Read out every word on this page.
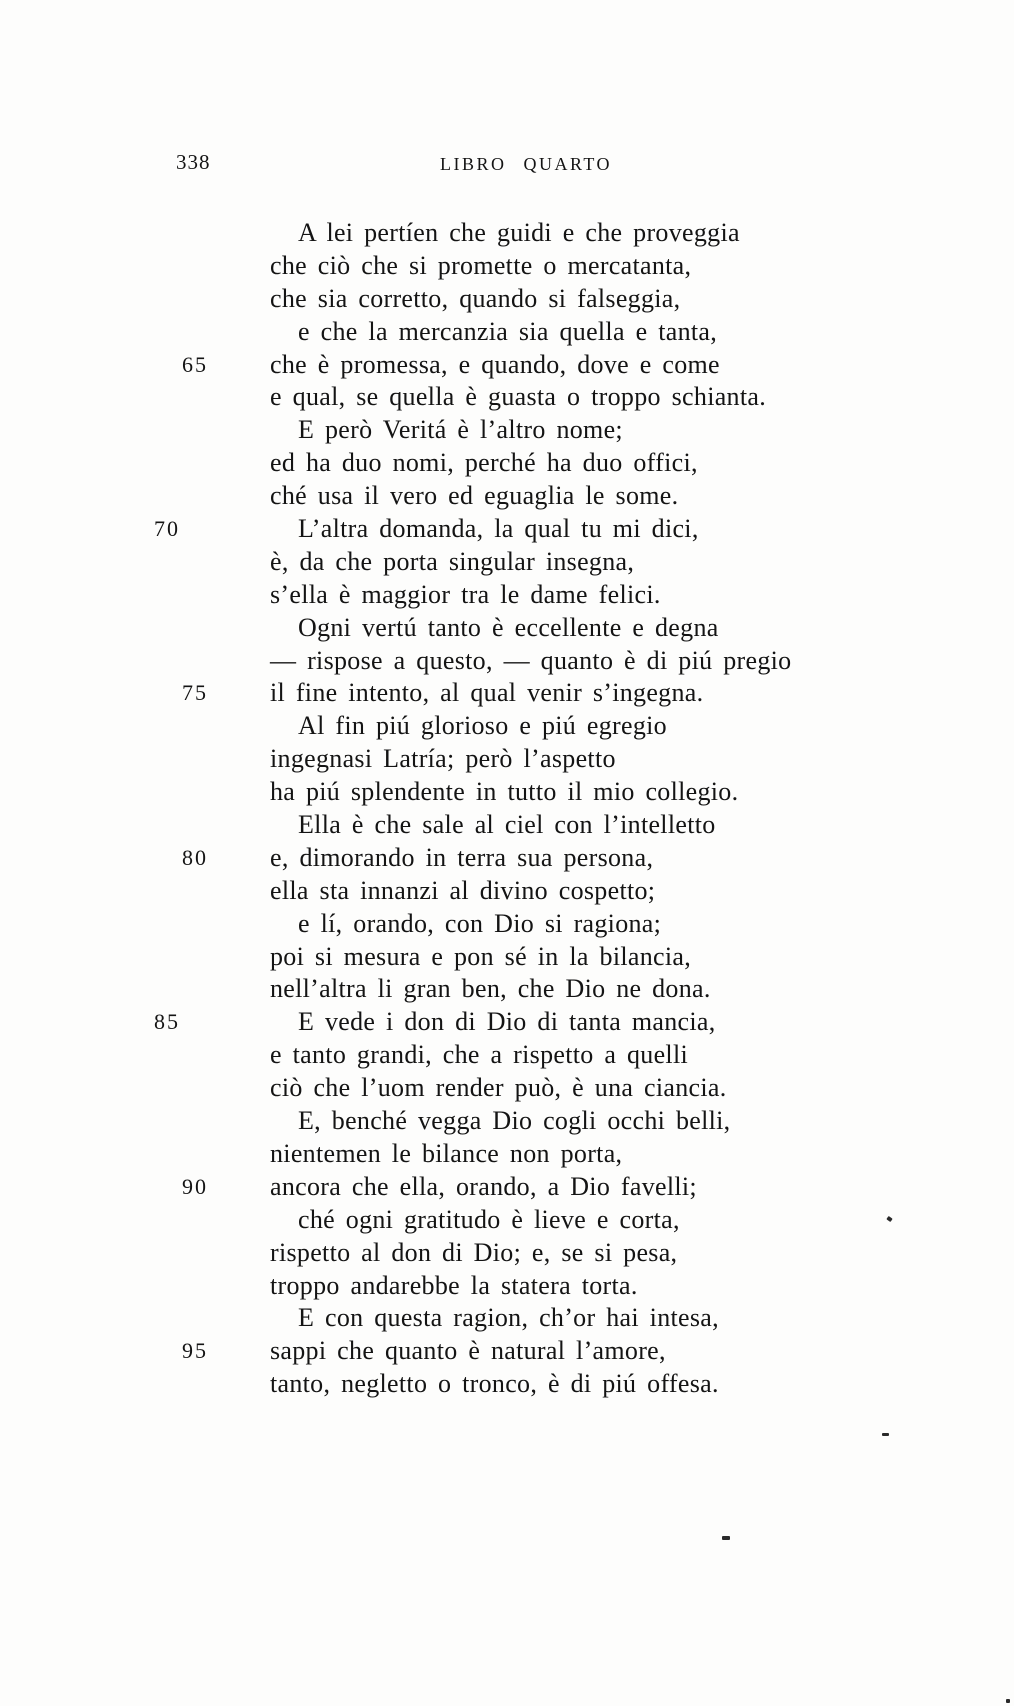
338	LIBRO QUARTO
A lei pertíen che guidi e che proveggia
che ciò che si promette o mercatanta,
che sia corretto, quando si falseggia,
e che la mercanzia sia quella e tanta,
65 che è promessa, e quando, dove e come
e qual, se quella è guasta o troppo schianta.
E però Veritá è l’altro nome;
ed ha duo nomi, perché ha duo offici,
ché usa il vero ed eguaglia le some.
70	L’altra domanda, la qual tu mi dici,
è, da che porta singular insegna,
s’ella è maggior tra le dame felici.
Ogni vertú tanto è eccellente e degna
— rispose a questo, — quanto è di piú pregio
75 il fine intento, al qual venir s’ingegna.
Al fin piú glorioso e piú egregio
ingegnasi Latría; però l’aspetto
ha piú splendente in tutto il mio collegio.
Ella è che sale al ciel con l’intelletto
80 e, dimorando in terra sua persona,
ella sta innanzi al divino cospetto;
e lí, orando, con Dio si ragiona;
poi si mesura e pon sé in la bilancia,
nell’altra li gran ben, che Dio ne dona.
85	E vede i don di Dio di tanta mancia,
e tanto grandi, che a rispetto a quelli
ciò che l’uom render può, è una ciancia.
E, benché vegga Dio cogli occhi belli,
nientemen le bilance non porta,
90 ancora che ella, orando, a Dio favelli;
ché ogni gratitudo è lieve e corta,
rispetto al don di Dio; e, se si pesa,
troppo andarebbe la statera torta.
E con questa ragion, ch’or hai intesa,
95 sappi che quanto è natural l’amore,
tanto, negletto o tronco, è di piú offesa.
